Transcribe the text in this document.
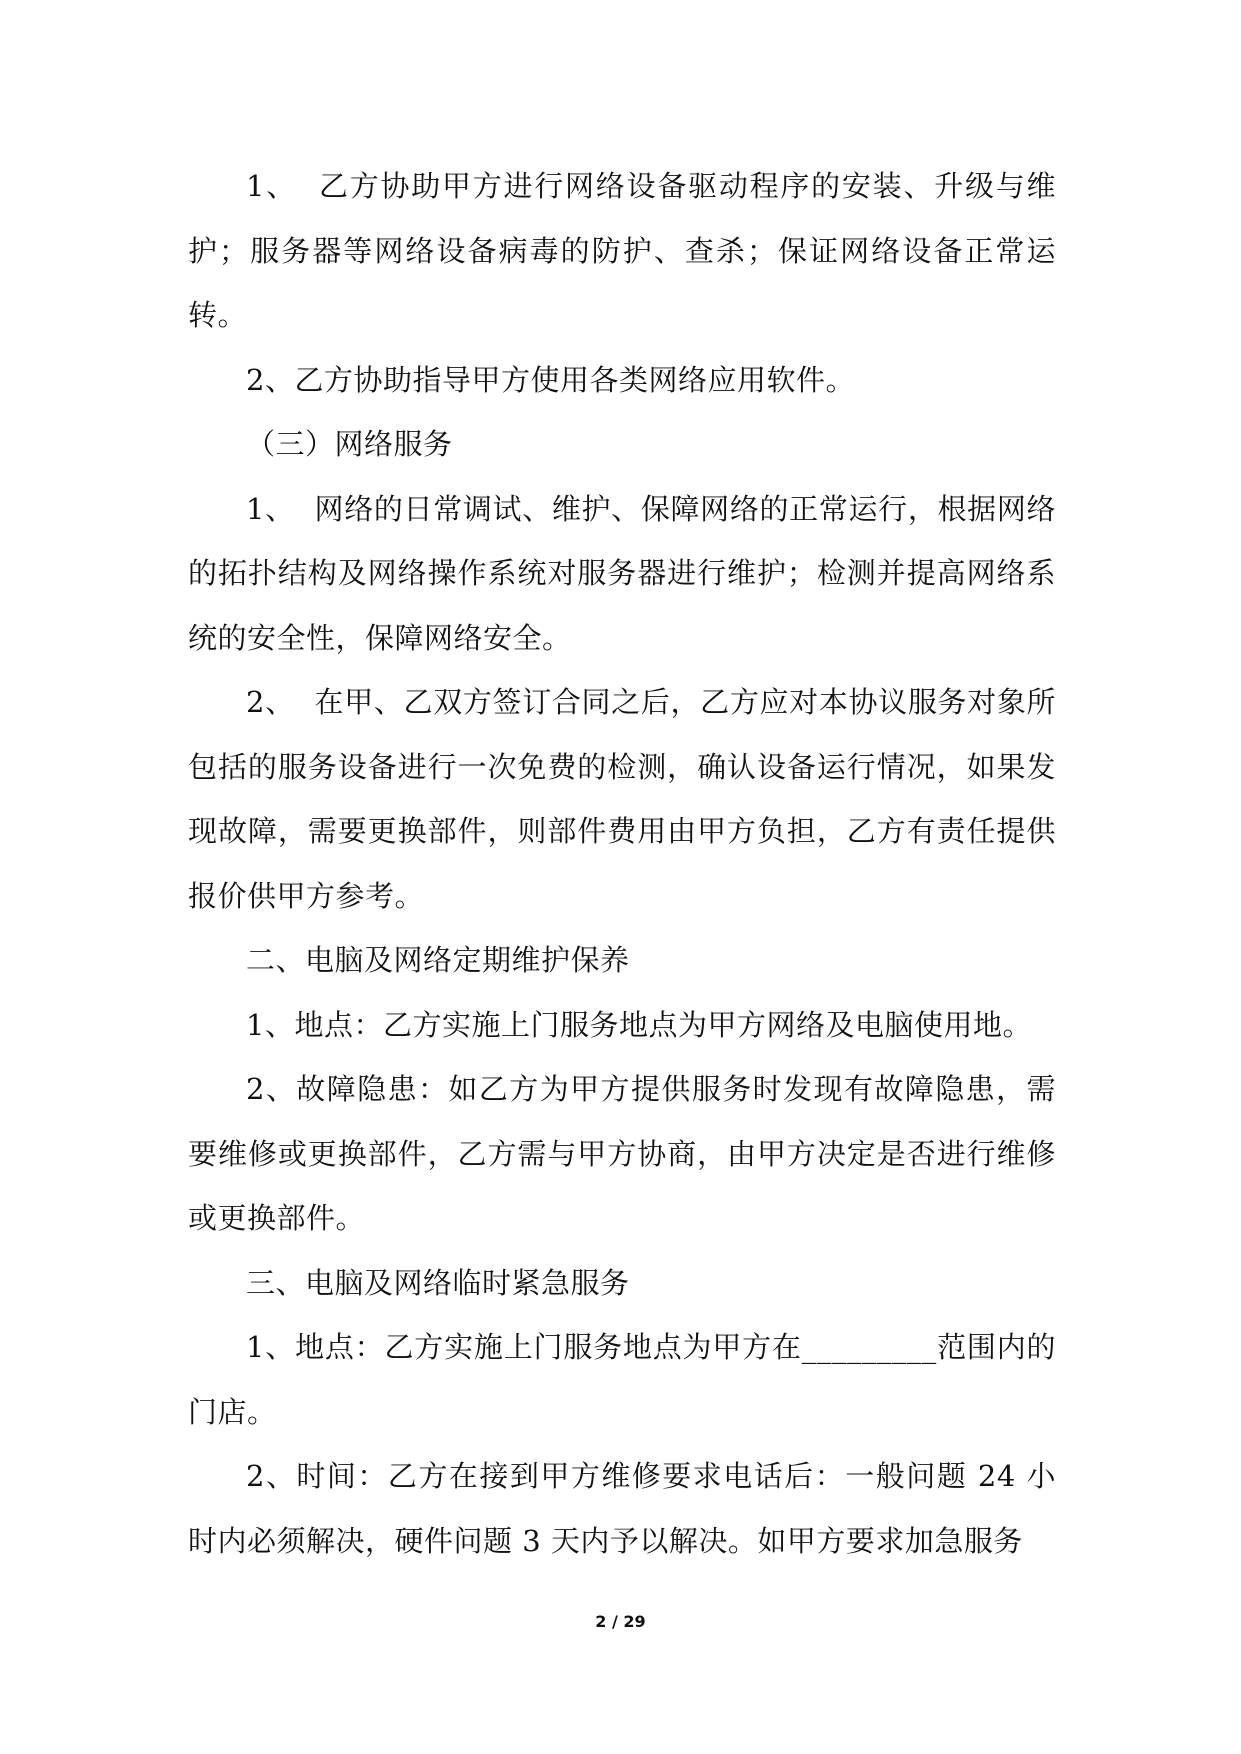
1、  乙方协助甲方进行网络设备驱动程序的安装、升级与维护；服务器等网络设备病毒的防护、查杀；保证网络设备正常运转。

2、乙方协助指导甲方使用各类网络应用软件。

（三）网络服务

1、  网络的日常调试、维护、保障网络的正常运行，根据网络的拓扑结构及网络操作系统对服务器进行维护；检测并提高网络系统的安全性，保障网络安全。

2、  在甲、乙双方签订合同之后，乙方应对本协议服务对象所包括的服务设备进行一次免费的检测，确认设备运行情况，如果发现故障，需要更换部件，则部件费用由甲方负担，乙方有责任提供报价供甲方参考。

二、电脑及网络定期维护保养

1、地点：乙方实施上门服务地点为甲方网络及电脑使用地。

2、故障隐患：如乙方为甲方提供服务时发现有故障隐患，需要维修或更换部件，乙方需与甲方协商，由甲方决定是否进行维修或更换部件。

三、电脑及网络临时紧急服务

1、地点：乙方实施上门服务地点为甲方在_________范围内的门店。

2、时间：乙方在接到甲方维修要求电话后：一般问题 24 小时内必须解决，硬件问题 3 天内予以解决。如甲方要求加急服务

2 / 29
